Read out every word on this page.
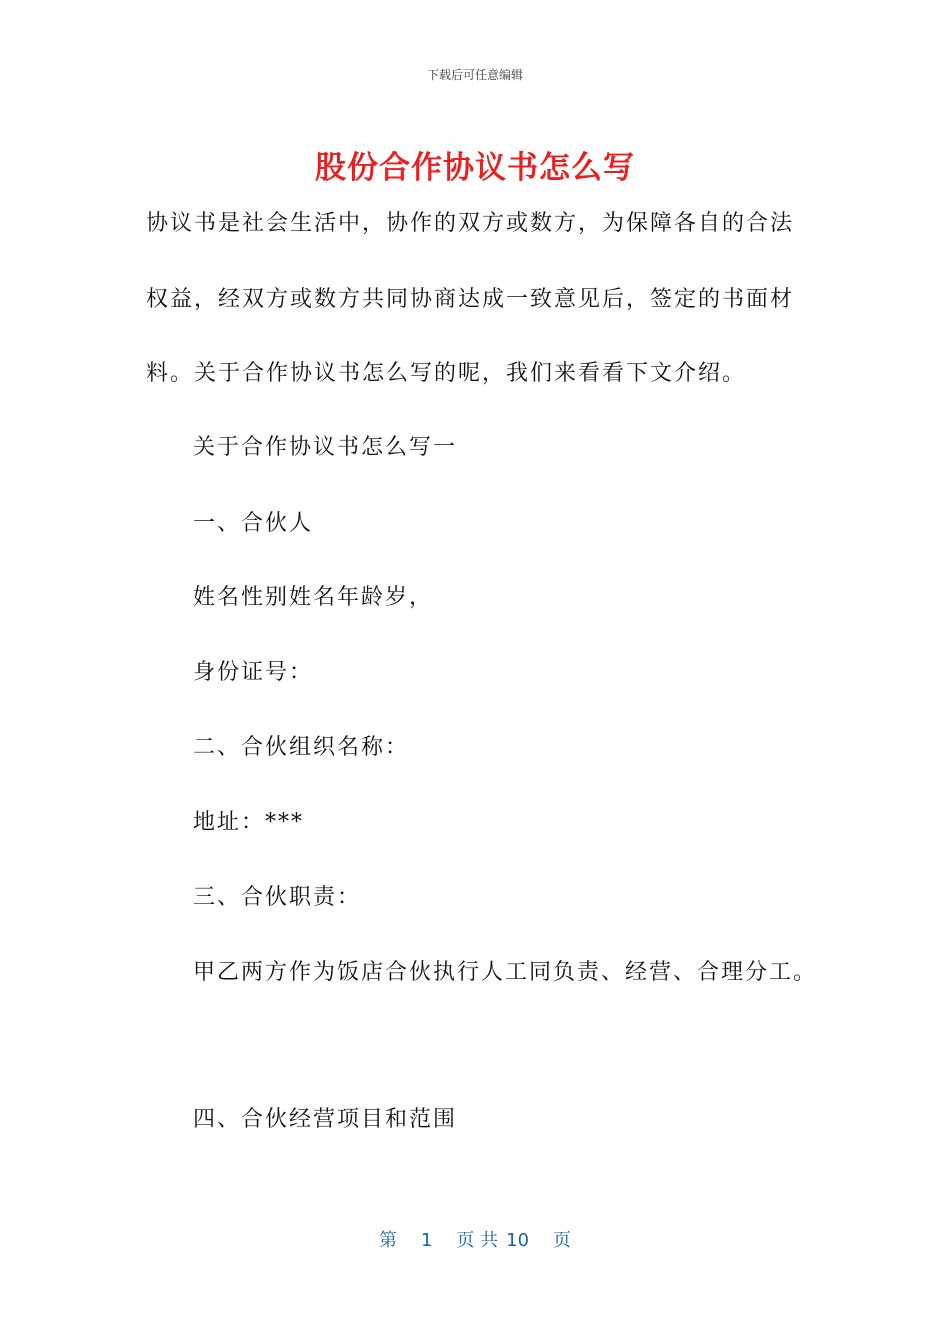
下载后可任意编辑
股份合作协议书怎么写
协议书是社会生活中，协作的双方或数方，为保障各自的合法
权益，经双方或数方共同协商达成一致意见后，签定的书面材
料。关于合作协议书怎么写的呢，我们来看看下文介绍。
关于合作协议书怎么写一
一、合伙人
姓名性别姓名年龄岁，
身份证号：
二、合伙组织名称：
地址：***
三、合伙职责：
甲乙两方作为饭店合伙执行人工同负责、经营、合理分工。
四、合伙经营项目和范围
第 1 页 共 10 页
